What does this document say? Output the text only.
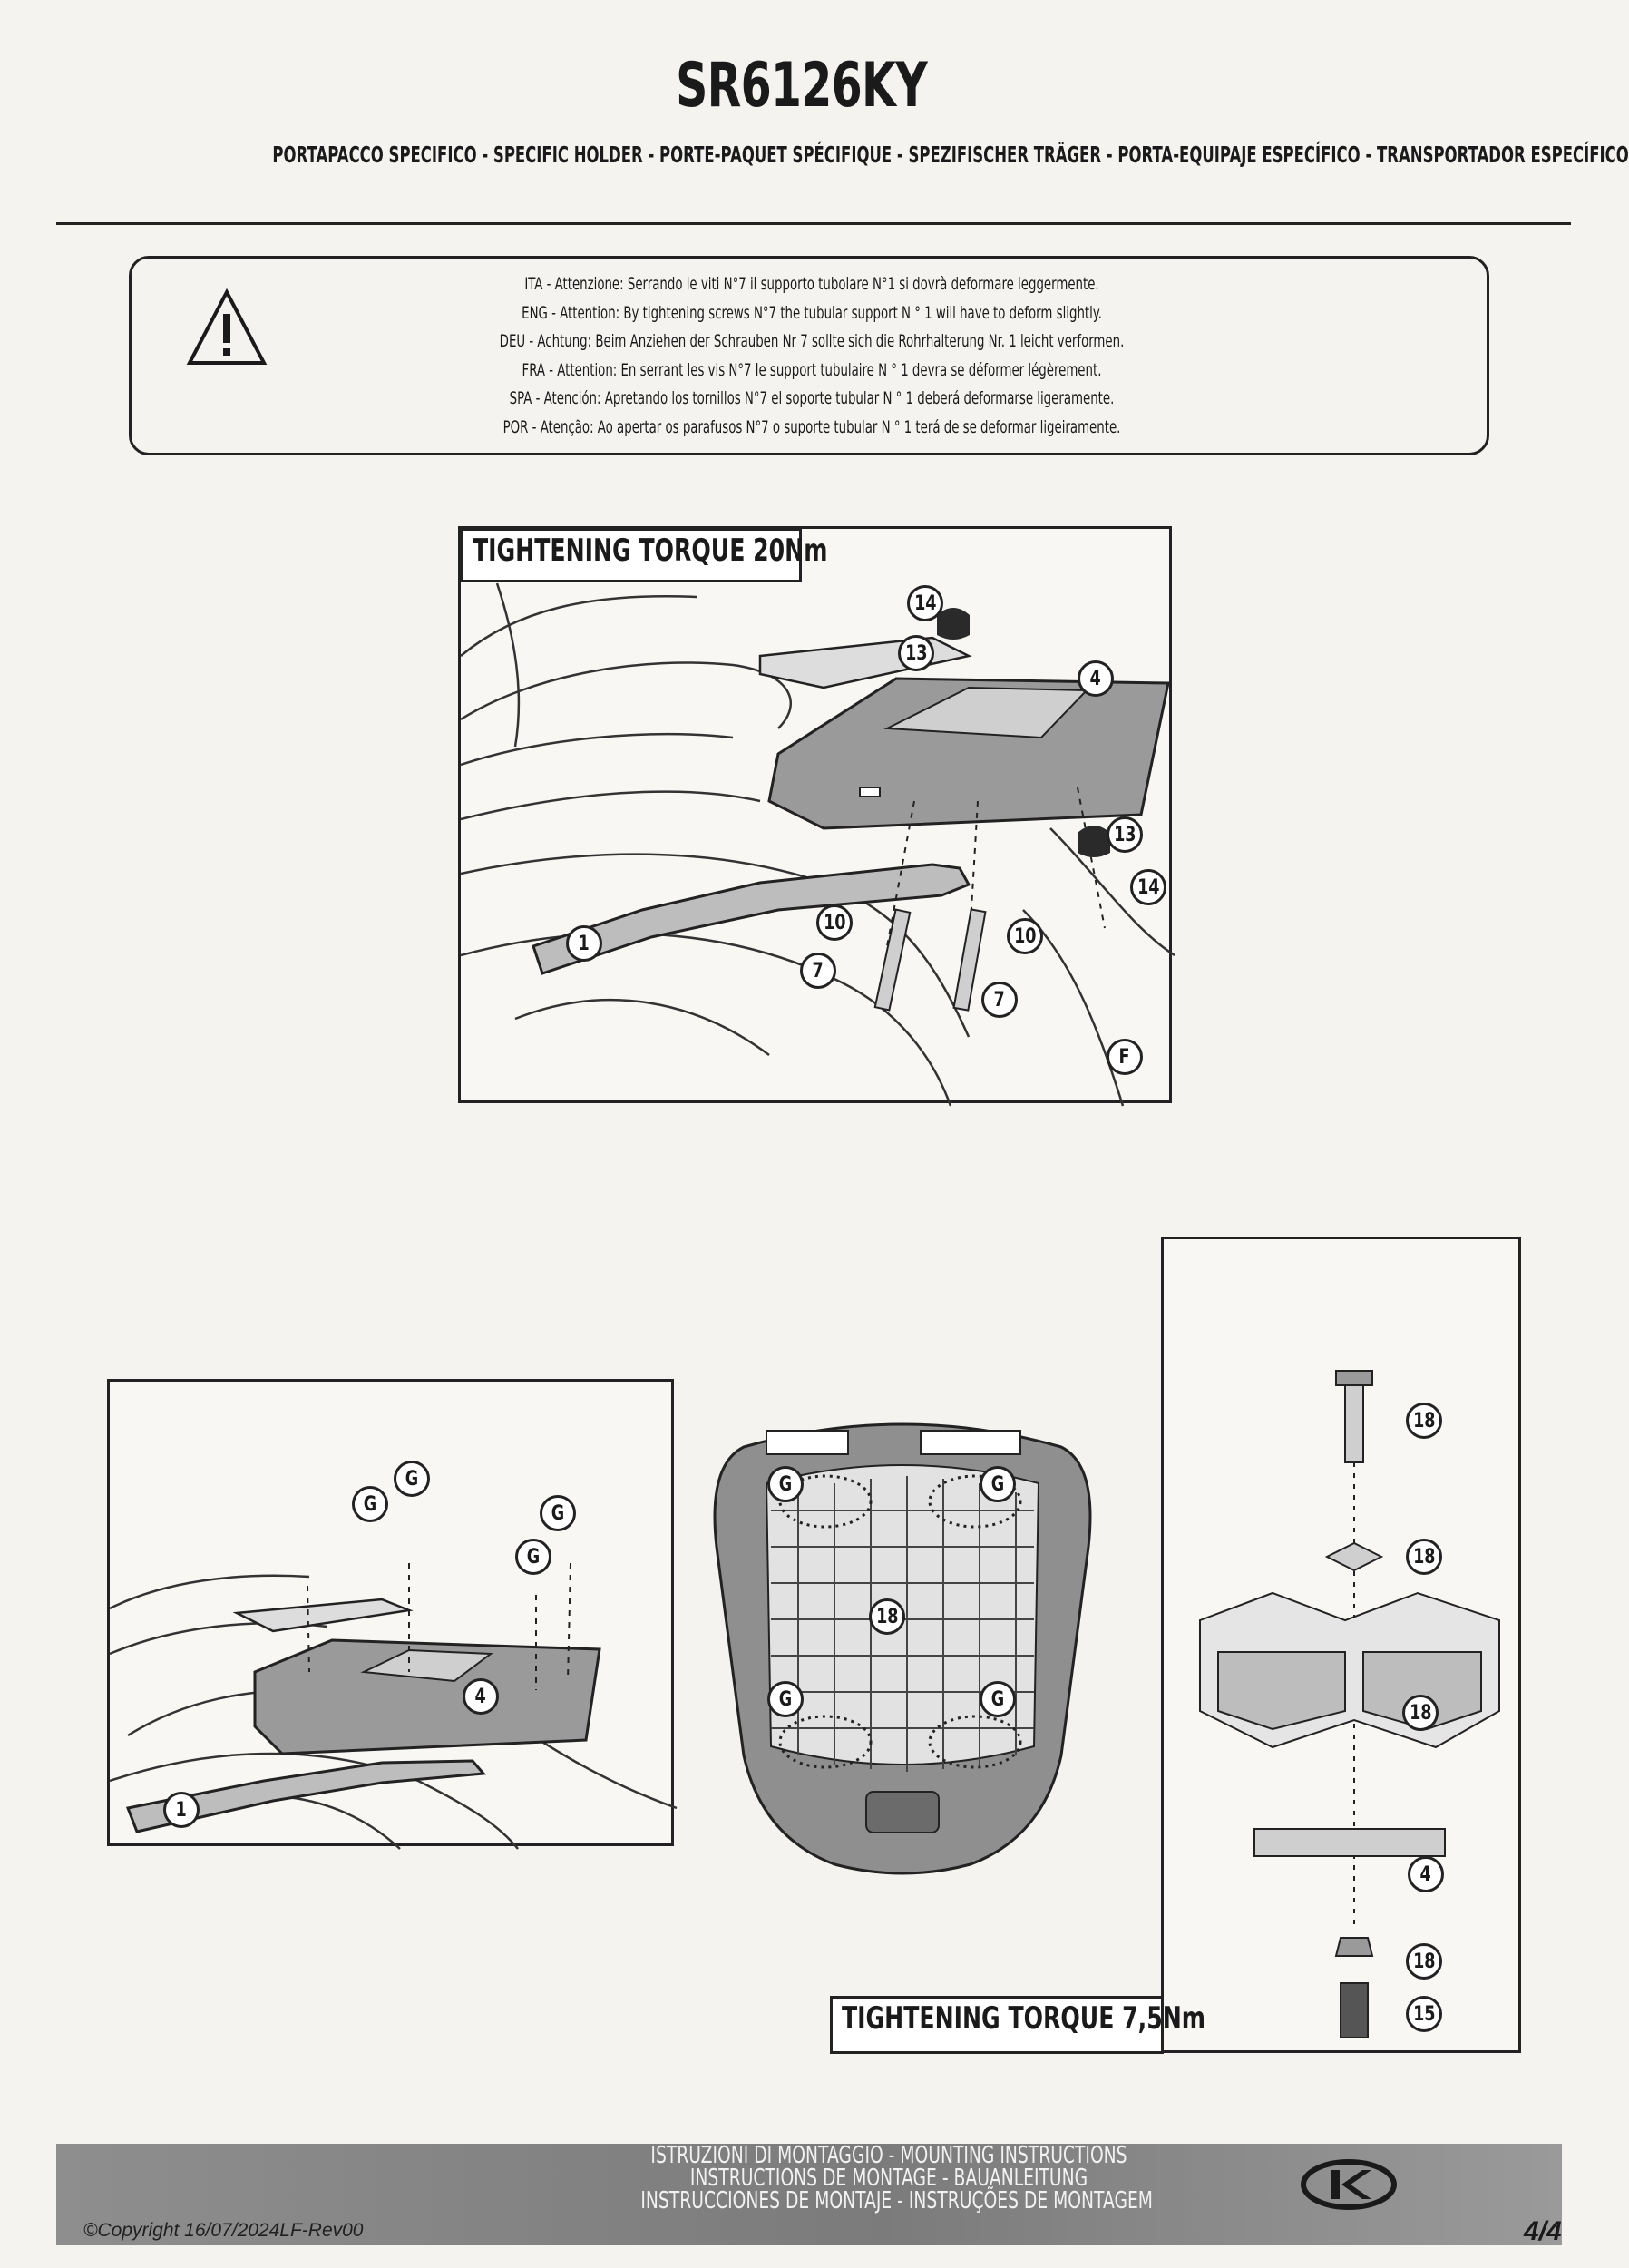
SR6126KY
PORTAPACCO SPECIFICO - SPECIFIC HOLDER - PORTE-PAQUET SPÉCIFIQUE - SPEZIFISCHER TRÄGER - PORTA-EQUIPAJE ESPECÍFICO - TRANSPORTADOR ESPECÍFICO
ITA - Attenzione: Serrando le viti N°7 il supporto tubolare N°1 si dovrà deformare leggermente.
ENG - Attention: By tightening screws N°7 the tubular support N ° 1 will have to deform slightly.
DEU - Achtung: Beim Anziehen der Schrauben Nr 7 sollte sich die Rohrhalterung Nr. 1 leicht verformen.
FRA - Attention: En serrant les vis N°7 le support tubulaire N ° 1 devra se déformer légèrement.
SPA - Atención: Apretando los tornillos N°7 el soporte tubular N ° 1 deberá deformarse ligeramente.
POR - Atenção: Ao apertar os parafusos N°7 o suporte tubular N ° 1 terá de se deformar ligeiramente.
TIGHTENING TORQUE 20Nm
14
13
4
13
14
10
10
1
7
7
F
G	G
G
G
4
1
G	G
18
G	G
18
18
18
4
18
15
TIGHTENING TORQUE 7,5Nm
©Copyright 16/07/2024LF-Rev00
ISTRUZIONI DI MONTAGGIO - MOUNTING INSTRUCTIONS
INSTRUCTIONS DE MONTAGE - BAUANLEITUNG
INSTRUCCIONES DE MONTAJE - INSTRUÇÕES DE MONTAGEM
4/4
